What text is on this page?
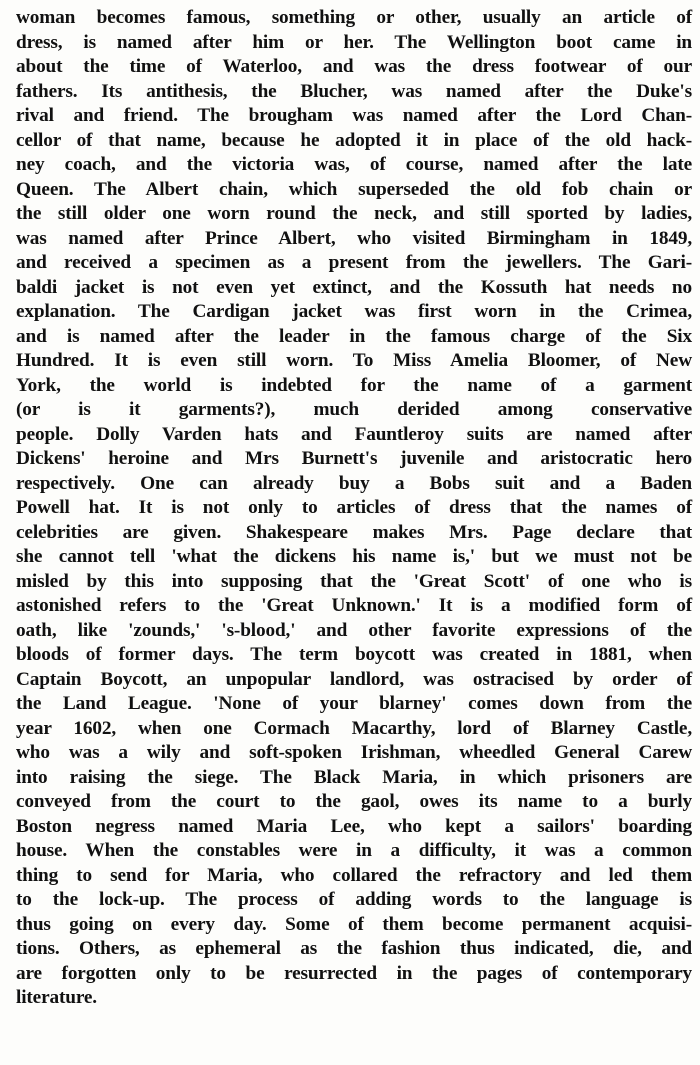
woman becomes famous, something or other, usually an article of
dress, is named after him or her. The Wellington boot came in
about the time of Waterloo, and was the dress footwear of our
fathers. Its antithesis, the Blucher, was named after the Duke's
rival and friend. The brougham was named after the Lord Chan-
cellor of that name, because he adopted it in place of the old hack-
ney coach, and the victoria was, of course, named after the late
Queen. The Albert chain, which superseded the old fob chain or
the still older one worn round the neck, and still sported by ladies,
was named after Prince Albert, who visited Birmingham in 1849,
and received a specimen as a present from the jewellers. The Gari-
baldi jacket is not even yet extinct, and the Kossuth hat needs no
explanation. The Cardigan jacket was first worn in the Crimea,
and is named after the leader in the famous charge of the Six
Hundred. It is even still worn. To Miss Amelia Bloomer, of New
York, the world is indebted for the name of a garment
(or is it garments?), much derided among conservative
people. Dolly Varden hats and Fauntleroy suits are named after
Dickens' heroine and Mrs Burnett's juvenile and aristocratic hero
respectively. One can already buy a Bobs suit and a Baden
Powell hat. It is not only to articles of dress that the names of
celebrities are given. Shakespeare makes Mrs. Page declare that
she cannot tell 'what the dickens his name is,' but we must not be
misled by this into supposing that the 'Great Scott' of one who is
astonished refers to the 'Great Unknown.' It is a modified form of
oath, like 'zounds,' 's-blood,' and other favorite expressions of the
bloods of former days. The term boycott was created in 1881, when
Captain Boycott, an unpopular landlord, was ostracised by order of
the Land League. 'None of your blarney' comes down from the
year 1602, when one Cormach Macarthy, lord of Blarney Castle,
who was a wily and soft-spoken Irishman, wheedled General Carew
into raising the siege. The Black Maria, in which prisoners are
conveyed from the court to the gaol, owes its name to a burly
Boston negress named Maria Lee, who kept a sailors' boarding
house. When the constables were in a difficulty, it was a common
thing to send for Maria, who collared the refractory and led them
to the lock-up. The process of adding words to the language is
thus going on every day. Some of them become permanent acquisi-
tions. Others, as ephemeral as the fashion thus indicated, die, and
are forgotten only to be resurrected in the pages of contemporary
literature.
